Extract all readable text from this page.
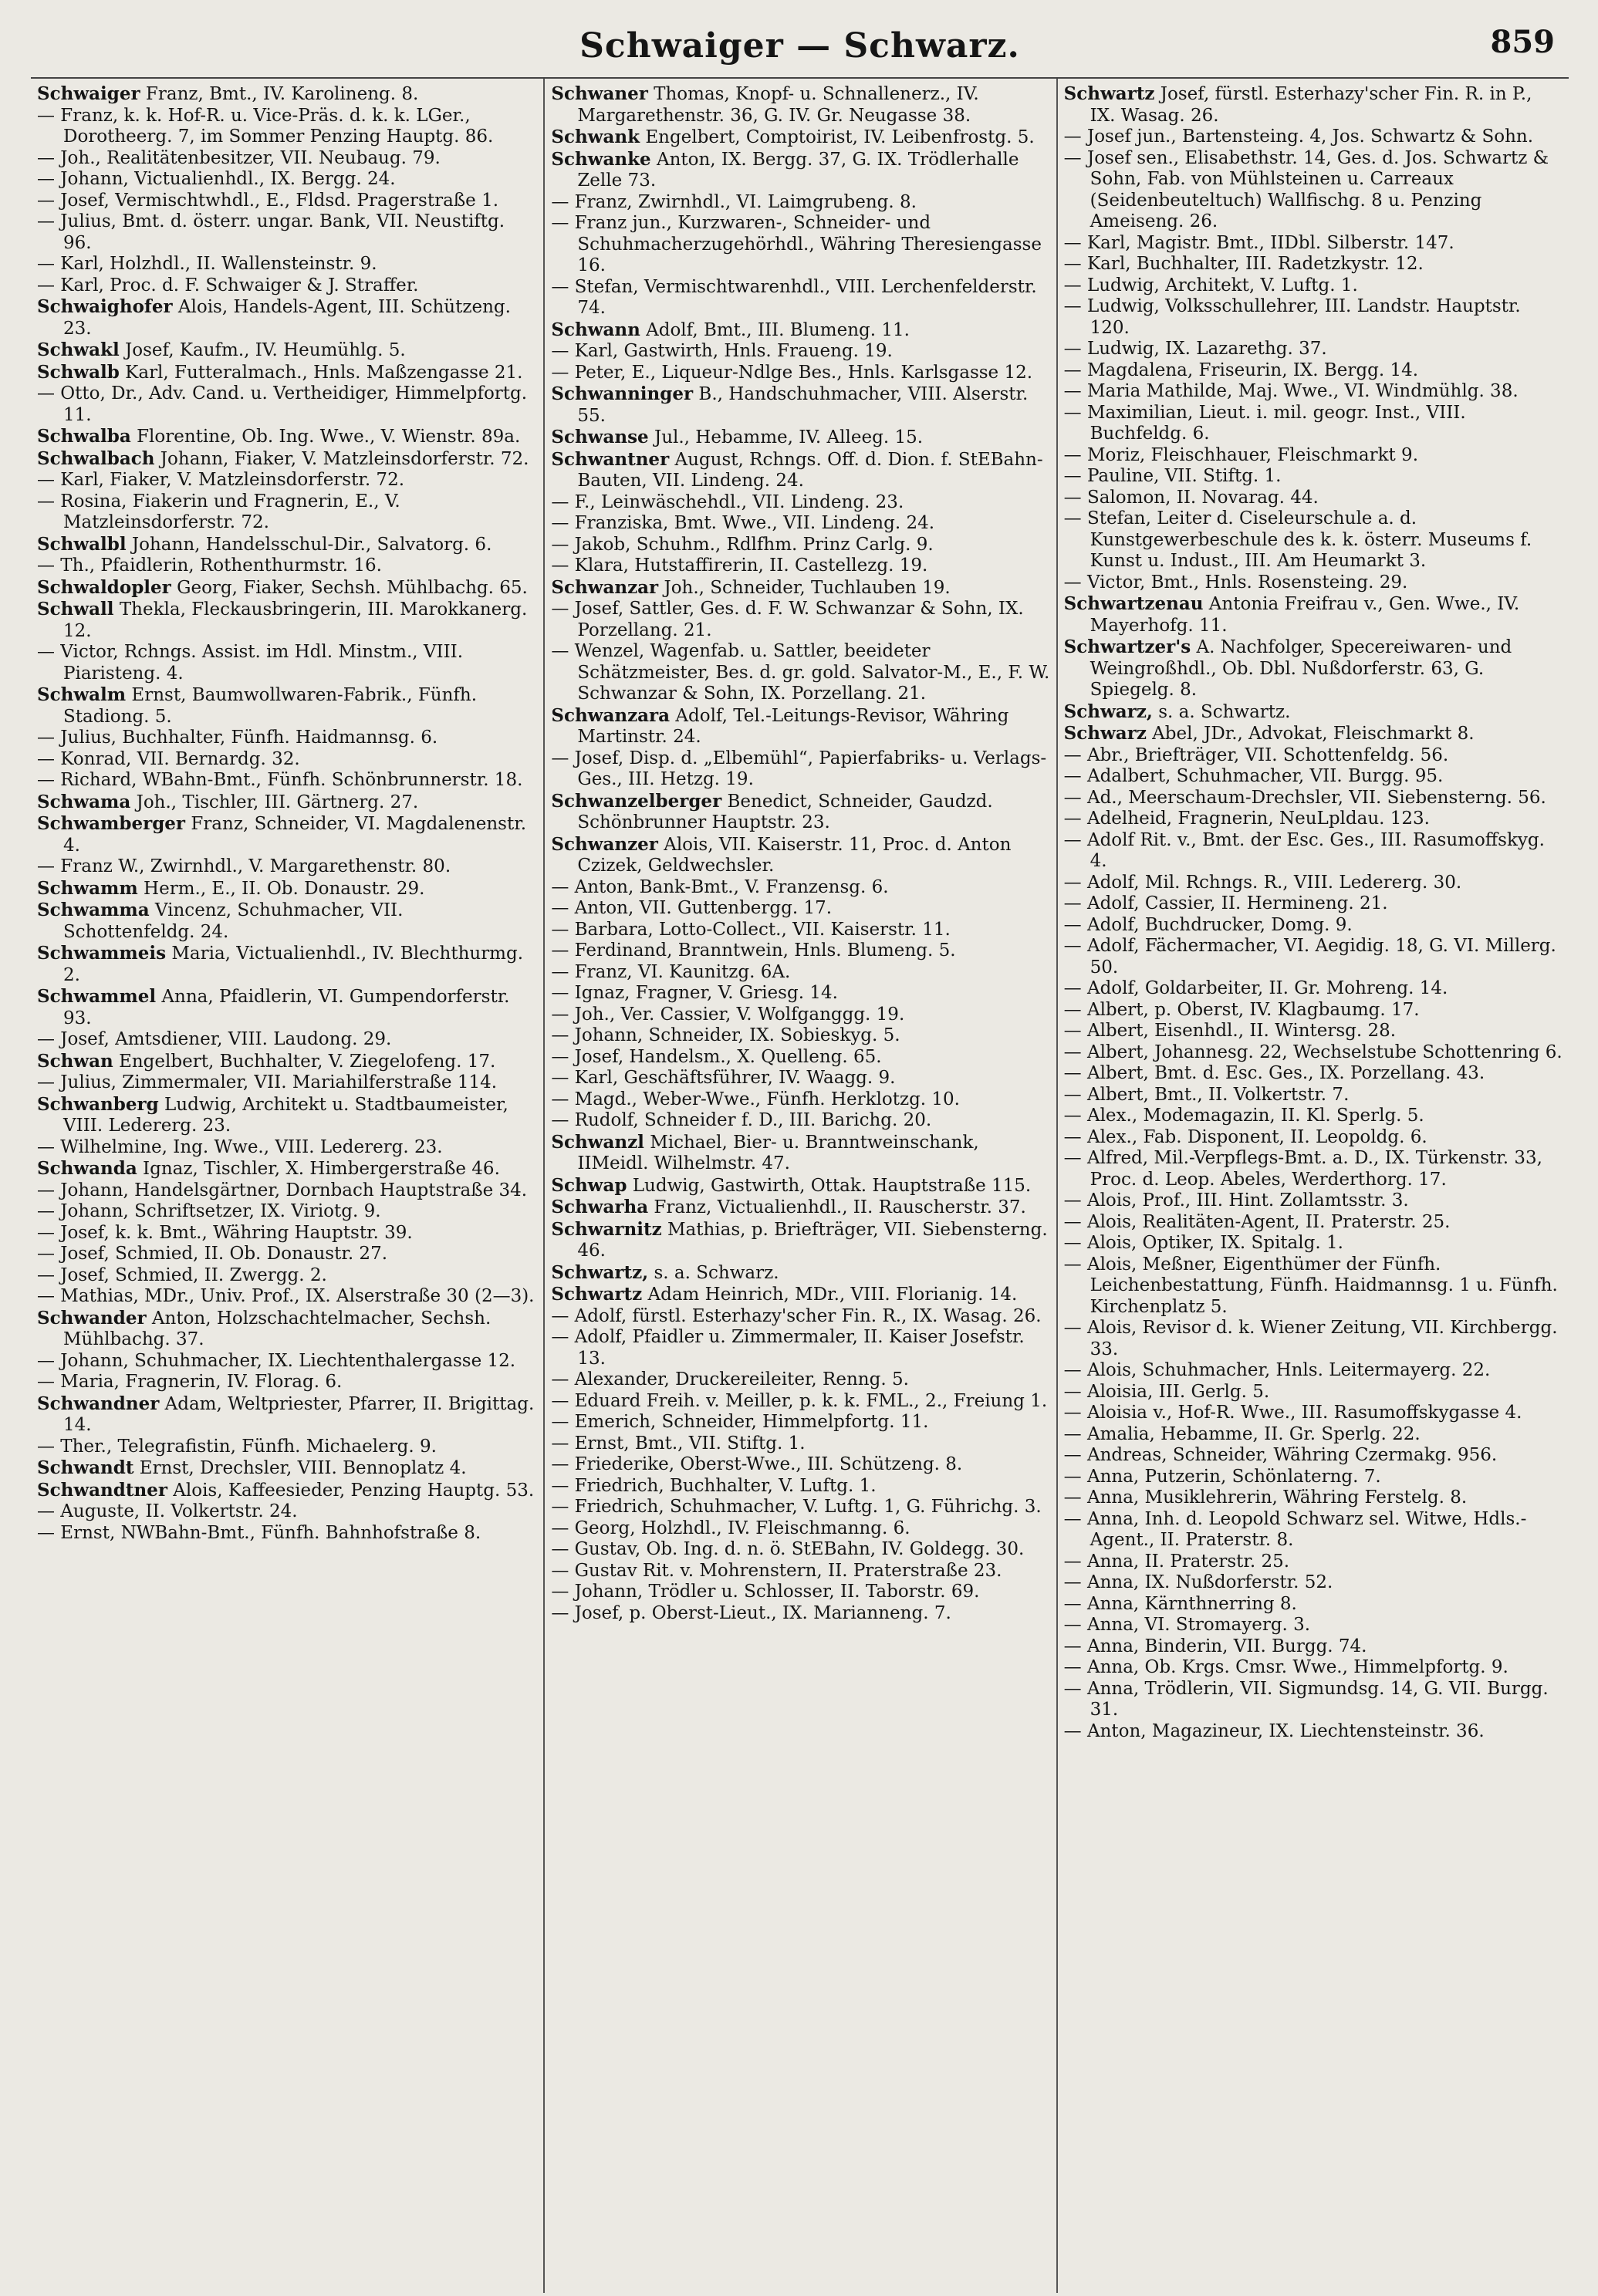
Schwaiger — Schwarz.	859

Schwaiger Franz, Bmt., IV. Karolineng. 8.

— Franz, k. k. Hof-R. u. Vice-Präs. d. k. k. LGer., Dorotheerg. 7, im Sommer Penzing Hauptg. 86.

— Joh., Realitätenbesitzer, VII. Neubaug. 79.

— Johann, Victualienhdl., IX. Bergg. 24.

— Josef, Vermischtwhdl., E., Fldsd. Pragerstraße 1.

— Julius, Bmt. d. österr. ungar. Bank, VII. Neustiftg. 96.

— Karl, Holzhdl., II. Wallensteinstr. 9.

— Karl, Proc. d. F. Schwaiger & J. Straffer.

Schwaighofer Alois, Handels-Agent, III. Schützeng. 23.

Schwakl Josef, Kaufm., IV. Heumühlg. 5.

Schwalb Karl, Futteralmach., Hnls. Maßzengasse 21.

— Otto, Dr., Adv. Cand. u. Vertheidiger, Himmelpfortg. 11.

Schwalba Florentine, Ob. Ing. Wwe., V. Wienstr. 89a.

Schwalbach Johann, Fiaker, V. Matzleinsdorferstr. 72.

— Karl, Fiaker, V. Matzleinsdorferstr. 72.

— Rosina, Fiakerin und Fragnerin, E., V. Matzleinsdorferstr. 72.

Schwalbl Johann, Handelsschul-Dir., Salvatorg. 6.

— Th., Pfaidlerin, Rothenthurmstr. 16.

Schwaldopler Georg, Fiaker, Sechsh. Mühlbachg. 65.

Schwall Thekla, Fleckausbringerin, III. Marokkanerg. 12.

— Victor, Rchngs. Assist. im Hdl. Minstm., VIII. Piaristeng. 4.

Schwalm Ernst, Baumwollwaren-Fabrik., Fünfh. Stadiong. 5.

— Julius, Buchhalter, Fünfh. Haidmannsg. 6.

— Konrad, VII. Bernardg. 32.

— Richard, WBahn-Bmt., Fünfh. Schönbrunnerstr. 18.

Schwama Joh., Tischler, III. Gärtnerg. 27.

Schwamberger Franz, Schneider, VI. Magdalenenstr. 4.

— Franz W., Zwirnhdl., V. Margarethenstr. 80.

Schwamm Herm., E., II. Ob. Donaustr. 29.

Schwamma Vincenz, Schuhmacher, VII. Schottenfeldg. 24.

Schwammeis Maria, Victualienhdl., IV. Blechthurmg. 2.

Schwammel Anna, Pfaidlerin, VI. Gumpendorferstr. 93.

— Josef, Amtsdiener, VIII. Laudong. 29.

Schwan Engelbert, Buchhalter, V. Ziegelofeng. 17.

— Julius, Zimmermaler, VII. Mariahilferstraße 114.

Schwanberg Ludwig, Architekt u. Stadtbaumeister, VIII. Ledererg. 23.

— Wilhelmine, Ing. Wwe., VIII. Ledererg. 23.

Schwanda Ignaz, Tischler, X. Himbergerstraße 46.

— Johann, Handelsgärtner, Dornbach Hauptstraße 34.

— Johann, Schriftsetzer, IX. Viriotg. 9.

— Josef, k. k. Bmt., Währing Hauptstr. 39.

— Josef, Schmied, II. Ob. Donaustr. 27.

— Josef, Schmied, II. Zwergg. 2.

— Mathias, MDr., Univ. Prof., IX. Alserstraße 30 (2—3).

Schwander Anton, Holzschachtelmacher, Sechsh. Mühlbachg. 37.

— Johann, Schuhmacher, IX. Liechtenthalergasse 12.

— Maria, Fragnerin, IV. Florag. 6.

Schwandner Adam, Weltpriester, Pfarrer, II. Brigittag. 14.

— Ther., Telegrafistin, Fünfh. Michaelerg. 9.

Schwandt Ernst, Drechsler, VIII. Bennoplatz 4.

Schwandtner Alois, Kaffeesieder, Penzing Hauptg. 53.

— Auguste, II. Volkertstr. 24.

— Ernst, NWBahn-Bmt., Fünfh. Bahnhofstraße 8.

Schwaner Thomas, Knopf- u. Schnallenerz., IV. Margarethenstr. 36, G. IV. Gr. Neugasse 38.

Schwank Engelbert, Comptoirist, IV. Leibenfrostg. 5.

Schwanke Anton, IX. Bergg. 37, G. IX. Trödlerhalle Zelle 73.

— Franz, Zwirnhdl., VI. Laimgrubeng. 8.

— Franz jun., Kurzwaren-, Schneider- und Schuhmacherzugehörhdl., Währing Theresiengasse 16.

— Stefan, Vermischtwarenhdl., VIII. Lerchenfelderstr. 74.

Schwann Adolf, Bmt., III. Blumeng. 11.

— Karl, Gastwirth, Hnls. Fraueng. 19.

— Peter, E., Liqueur-Ndlge Bes., Hnls. Karlsgasse 12.

Schwanninger B., Handschuhmacher, VIII. Alserstr. 55.

Schwanse Jul., Hebamme, IV. Alleeg. 15.

Schwantner August, Rchngs. Off. d. Dion. f. StEBahn-Bauten, VII. Lindeng. 24.

— F., Leinwäschehdl., VII. Lindeng. 23.

— Franziska, Bmt. Wwe., VII. Lindeng. 24.

— Jakob, Schuhm., Rdlfhm. Prinz Carlg. 9.

— Klara, Hutstaffirerin, II. Castellezg. 19.

Schwanzar Joh., Schneider, Tuchlauben 19.

— Josef, Sattler, Ges. d. F. W. Schwanzar & Sohn, IX. Porzellang. 21.

— Wenzel, Wagenfab. u. Sattler, beeideter Schätzmeister, Bes. d. gr. gold. Salvator-M., E., F. W. Schwanzar & Sohn, IX. Porzellang. 21.

Schwanzara Adolf, Tel.-Leitungs-Revisor, Währing Martinstr. 24.

— Josef, Disp. d. „Elbemühl“, Papierfabriks- u. Verlags-Ges., III. Hetzg. 19.

Schwanzelberger Benedict, Schneider, Gaudzd. Schönbrunner Hauptstr. 23.

Schwanzer Alois, VII. Kaiserstr. 11, Proc. d. Anton Czizek, Geldwechsler.

— Anton, Bank-Bmt., V. Franzensg. 6.

— Anton, VII. Guttenbergg. 17.

— Barbara, Lotto-Collect., VII. Kaiserstr. 11.

— Ferdinand, Branntwein, Hnls. Blumeng. 5.

— Franz, VI. Kaunitzg. 6A.

— Ignaz, Fragner, V. Griesg. 14.

— Joh., Ver. Cassier, V. Wolfganggg. 19.

— Johann, Schneider, IX. Sobieskyg. 5.

— Josef, Handelsm., X. Quelleng. 65.

— Karl, Geschäftsführer, IV. Waagg. 9.

— Magd., Weber-Wwe., Fünfh. Herklotzg. 10.

— Rudolf, Schneider f. D., III. Barichg. 20.

Schwanzl Michael, Bier- u. Branntweinschank, IIMeidl. Wilhelmstr. 47.

Schwap Ludwig, Gastwirth, Ottak. Hauptstraße 115.

Schwarha Franz, Victualienhdl., II. Rauscherstr. 37.

Schwarnitz Mathias, p. Briefträger, VII. Siebensterng. 46.

Schwartz, s. a. Schwarz.

Schwartz Adam Heinrich, MDr., VIII. Florianig. 14.

— Adolf, fürstl. Esterhazy'scher Fin. R., IX. Wasag. 26.

— Adolf, Pfaidler u. Zimmermaler, II. Kaiser Josefstr. 13.

— Alexander, Druckereileiter, Renng. 5.

— Eduard Freih. v. Meiller, p. k. k. FML., 2., Freiung 1.

— Emerich, Schneider, Himmelpfortg. 11.

— Ernst, Bmt., VII. Stiftg. 1.

— Friederike, Oberst-Wwe., III. Schützeng. 8.

— Friedrich, Buchhalter, V. Luftg. 1.

— Friedrich, Schuhmacher, V. Luftg. 1, G. Führichg. 3.

— Georg, Holzhdl., IV. Fleischmanng. 6.

— Gustav, Ob. Ing. d. n. ö. StEBahn, IV. Goldegg. 30.

— Gustav Rit. v. Mohrenstern, II. Praterstraße 23.

— Johann, Trödler u. Schlosser, II. Taborstr. 69.

— Josef, p. Oberst-Lieut., IX. Marianneng. 7.

Schwartz Josef, fürstl. Esterhazy'scher Fin. R. in P., IX. Wasag. 26.

— Josef jun., Bartensteing. 4, Jos. Schwartz & Sohn.

— Josef sen., Elisabethstr. 14, Ges. d. Jos. Schwartz & Sohn, Fab. von Mühlsteinen u. Carreaux (Seidenbeuteltuch) Wallfischg. 8 u. Penzing Ameiseng. 26.

— Karl, Magistr. Bmt., IIDbl. Silberstr. 147.

— Karl, Buchhalter, III. Radetzkystr. 12.

— Ludwig, Architekt, V. Luftg. 1.

— Ludwig, Volksschullehrer, III. Landstr. Hauptstr. 120.

— Ludwig, IX. Lazarethg. 37.

— Magdalena, Friseurin, IX. Bergg. 14.

— Maria Mathilde, Maj. Wwe., VI. Windmühlg. 38.

— Maximilian, Lieut. i. mil. geogr. Inst., VIII. Buchfeldg. 6.

— Moriz, Fleischhauer, Fleischmarkt 9.

— Pauline, VII. Stiftg. 1.

— Salomon, II. Novarag. 44.

— Stefan, Leiter d. Ciseleurschule a. d. Kunstgewerbeschule des k. k. österr. Museums f. Kunst u. Indust., III. Am Heumarkt 3.

— Victor, Bmt., Hnls. Rosensteing. 29.

Schwartzenau Antonia Freifrau v., Gen. Wwe., IV. Mayerhofg. 11.

Schwartzer's A. Nachfolger, Specereiwaren- und Weingroßhdl., Ob. Dbl. Nußdorferstr. 63, G. Spiegelg. 8.

Schwarz, s. a. Schwartz.

Schwarz Abel, JDr., Advokat, Fleischmarkt 8.

— Abr., Briefträger, VII. Schottenfeldg. 56.

— Adalbert, Schuhmacher, VII. Burgg. 95.

— Ad., Meerschaum-Drechsler, VII. Siebensterng. 56.

— Adelheid, Fragnerin, NeuLpldau. 123.

— Adolf Rit. v., Bmt. der Esc. Ges., III. Rasumoffskyg. 4.

— Adolf, Mil. Rchngs. R., VIII. Ledererg. 30.

— Adolf, Cassier, II. Hermineng. 21.

— Adolf, Buchdrucker, Domg. 9.

— Adolf, Fächermacher, VI. Aegidig. 18, G. VI. Millerg. 50.

— Adolf, Goldarbeiter, II. Gr. Mohreng. 14.

— Albert, p. Oberst, IV. Klagbaumg. 17.

— Albert, Eisenhdl., II. Wintersg. 28.

— Albert, Johannesg. 22, Wechselstube Schottenring 6.

— Albert, Bmt. d. Esc. Ges., IX. Porzellang. 43.

— Albert, Bmt., II. Volkertstr. 7.

— Alex., Modemagazin, II. Kl. Sperlg. 5.

— Alex., Fab. Disponent, II. Leopoldg. 6.

— Alfred, Mil.-Verpflegs-Bmt. a. D., IX. Türkenstr. 33, Proc. d. Leop. Abeles, Werderthorg. 17.

— Alois, Prof., III. Hint. Zollamtsstr. 3.

— Alois, Realitäten-Agent, II. Praterstr. 25.

— Alois, Optiker, IX. Spitalg. 1.

— Alois, Meßner, Eigenthümer der Fünfh. Leichenbestattung, Fünfh. Haidmannsg. 1 u. Fünfh. Kirchenplatz 5.

— Alois, Revisor d. k. Wiener Zeitung, VII. Kirchbergg. 33.

— Alois, Schuhmacher, Hnls. Leitermayerg. 22.

— Aloisia, III. Gerlg. 5.

— Aloisia v., Hof-R. Wwe., III. Rasumoffskygasse 4.

— Amalia, Hebamme, II. Gr. Sperlg. 22.

— Andreas, Schneider, Währing Czermakg. 956.

— Anna, Putzerin, Schönlaterng. 7.

— Anna, Musiklehrerin, Währing Ferstelg. 8.

— Anna, Inh. d. Leopold Schwarz sel. Witwe, Hdls.-Agent., II. Praterstr. 8.

— Anna, II. Praterstr. 25.

— Anna, IX. Nußdorferstr. 52.

— Anna, Kärnthnerring 8.

— Anna, VI. Stromayerg. 3.

— Anna, Binderin, VII. Burgg. 74.

— Anna, Ob. Krgs. Cmsr. Wwe., Himmelpfortg. 9.

— Anna, Trödlerin, VII. Sigmundsg. 14, G. VII. Burgg. 31.

— Anton, Magazineur, IX. Liechtensteinstr. 36.
